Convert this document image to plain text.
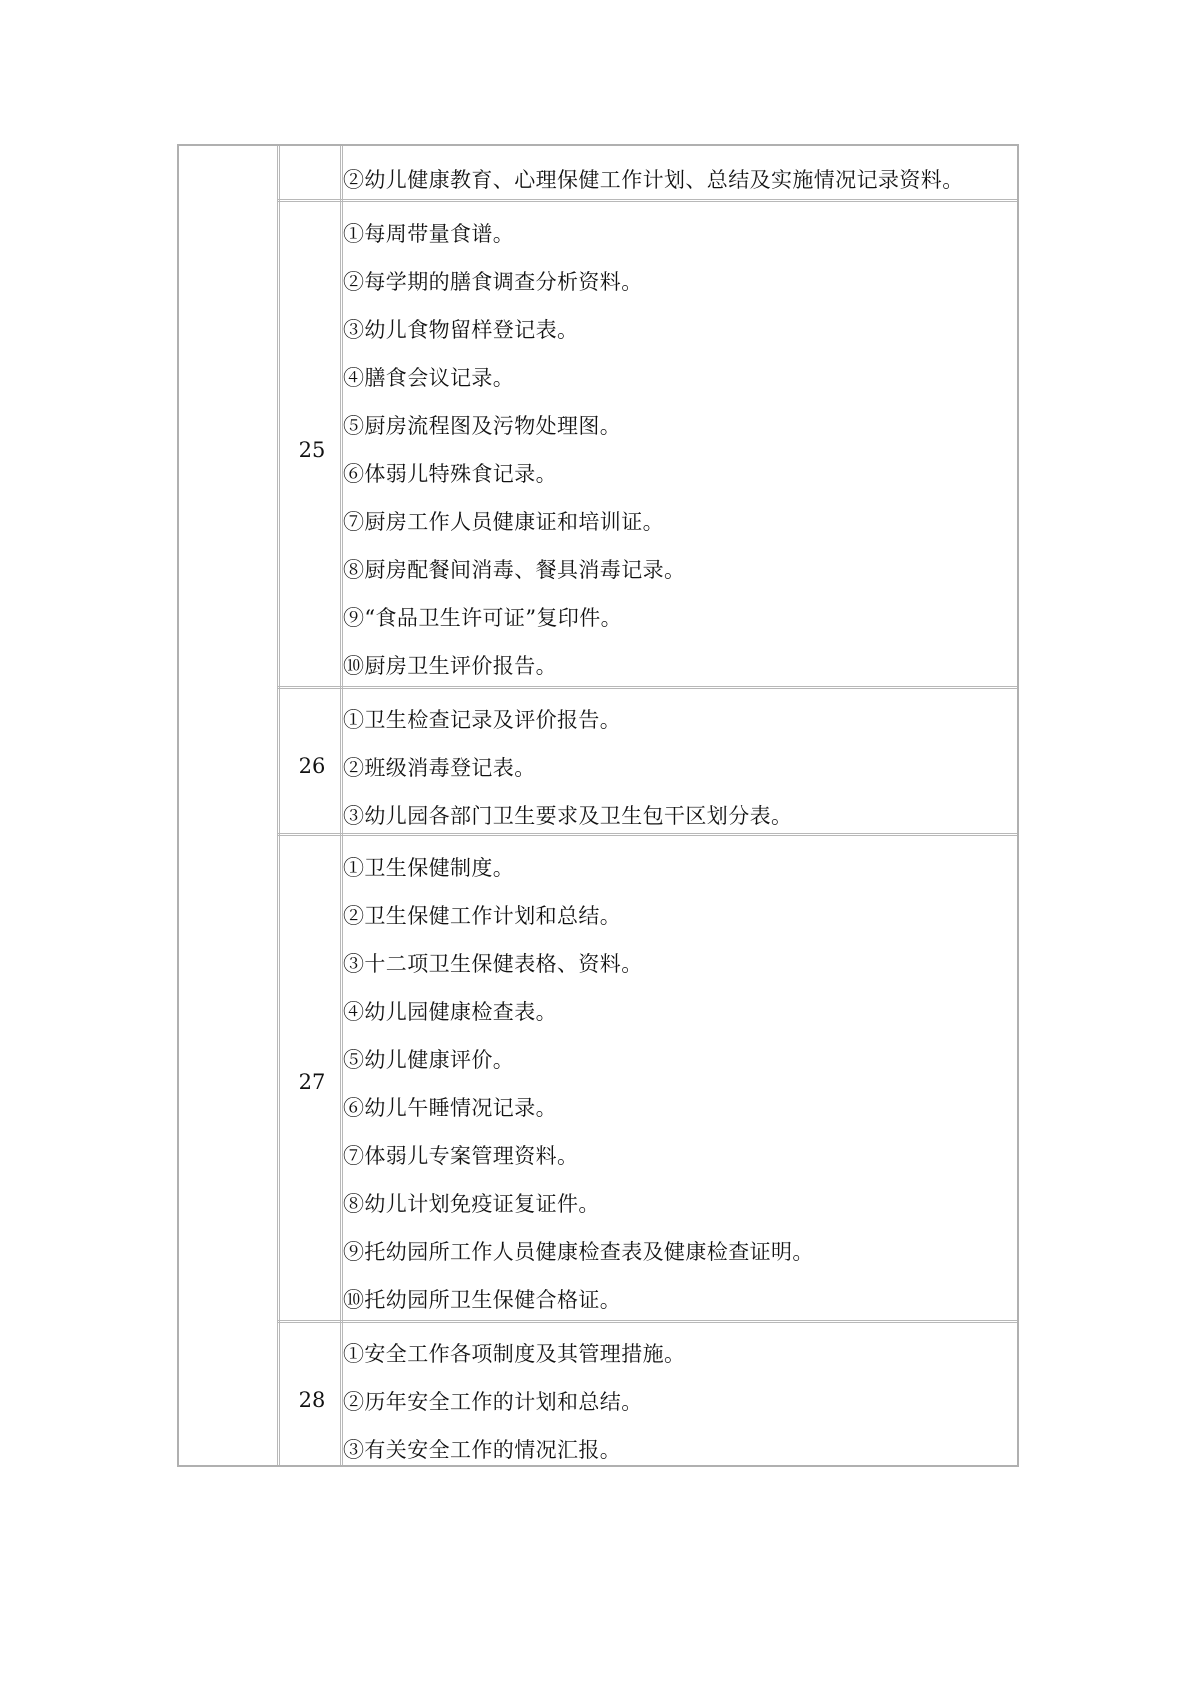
②幼儿健康教育、心理保健工作计划、总结及实施情况记录资料。
25
①每周带量食谱。
②每学期的膳食调查分析资料。
③幼儿食物留样登记表。
④膳食会议记录。
⑤厨房流程图及污物处理图。
⑥体弱儿特殊食记录。
⑦厨房工作人员健康证和培训证。
⑧厨房配餐间消毒、餐具消毒记录。
⑨“食品卫生许可证”复印件。
⑩厨房卫生评价报告。
26
①卫生检查记录及评价报告。
②班级消毒登记表。
③幼儿园各部门卫生要求及卫生包干区划分表。
27
①卫生保健制度。
②卫生保健工作计划和总结。
③十二项卫生保健表格、资料。
④幼儿园健康检查表。
⑤幼儿健康评价。
⑥幼儿午睡情况记录。
⑦体弱儿专案管理资料。
⑧幼儿计划免疫证复证件。
⑨托幼园所工作人员健康检查表及健康检查证明。
⑩托幼园所卫生保健合格证。
28
①安全工作各项制度及其管理措施。
②历年安全工作的计划和总结。
③有关安全工作的情况汇报。
